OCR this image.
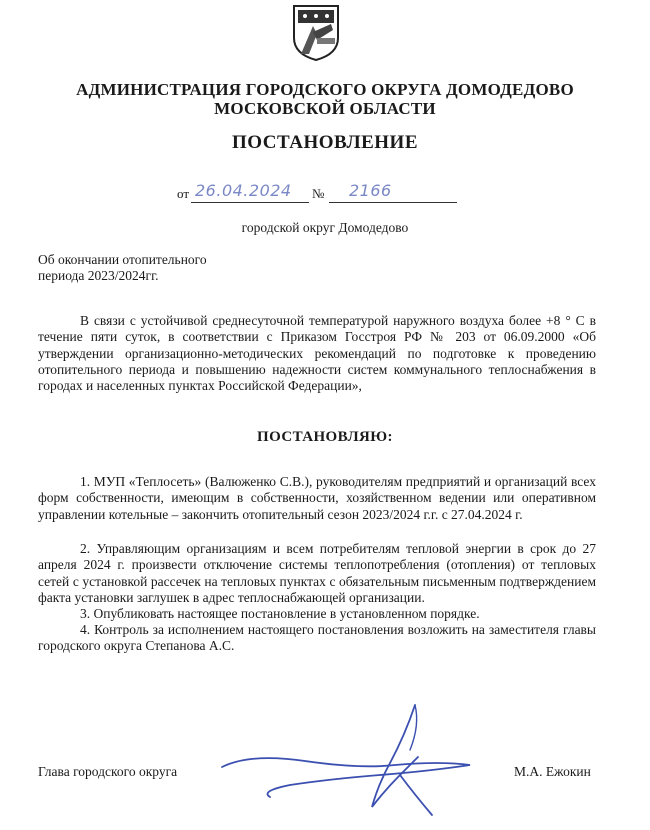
АДМИНИСТРАЦИЯ ГОРОДСКОГО ОКРУГА ДОМОДЕДОВО
МОСКОВСКОЙ ОБЛАСТИ
ПОСТАНОВЛЕНИЕ
от 26.04.2024 № 2166
городской округ Домодедово
Об окончании отопительного
периода 2023/2024гг.
В связи с устойчивой среднесуточной температурой наружного воздуха более +8 ° С в течение пяти суток, в соответствии с Приказом Госстроя РФ № 203 от 06.09.2000 «Об утверждении организационно-методических рекомендаций по подготовке к проведению отопительного периода и повышению надежности систем коммунального теплоснабжения в городах и населенных пунктах Российской Федерации»,
ПОСТАНОВЛЯЮ:
1. МУП «Теплосеть» (Валюженко С.В.), руководителям предприятий и организаций всех форм собственности, имеющим в собственности, хозяйственном ведении или оперативном управлении котельные – закончить отопительный сезон 2023/2024 г.г. с 27.04.2024 г.
2. Управляющим организациям и всем потребителям тепловой энергии в срок до 27 апреля 2024 г. произвести отключение системы теплопотребления (отопления) от тепловых сетей с установкой рассечек на тепловых пунктах с обязательным письменным подтверждением факта установки заглушек в адрес теплоснабжающей организации.
3. Опубликовать настоящее постановление в установленном порядке.
4. Контроль за исполнением настоящего постановления возложить на заместителя главы городского округа Степанова А.С.
Глава городского округа	М.А. Ежокин
